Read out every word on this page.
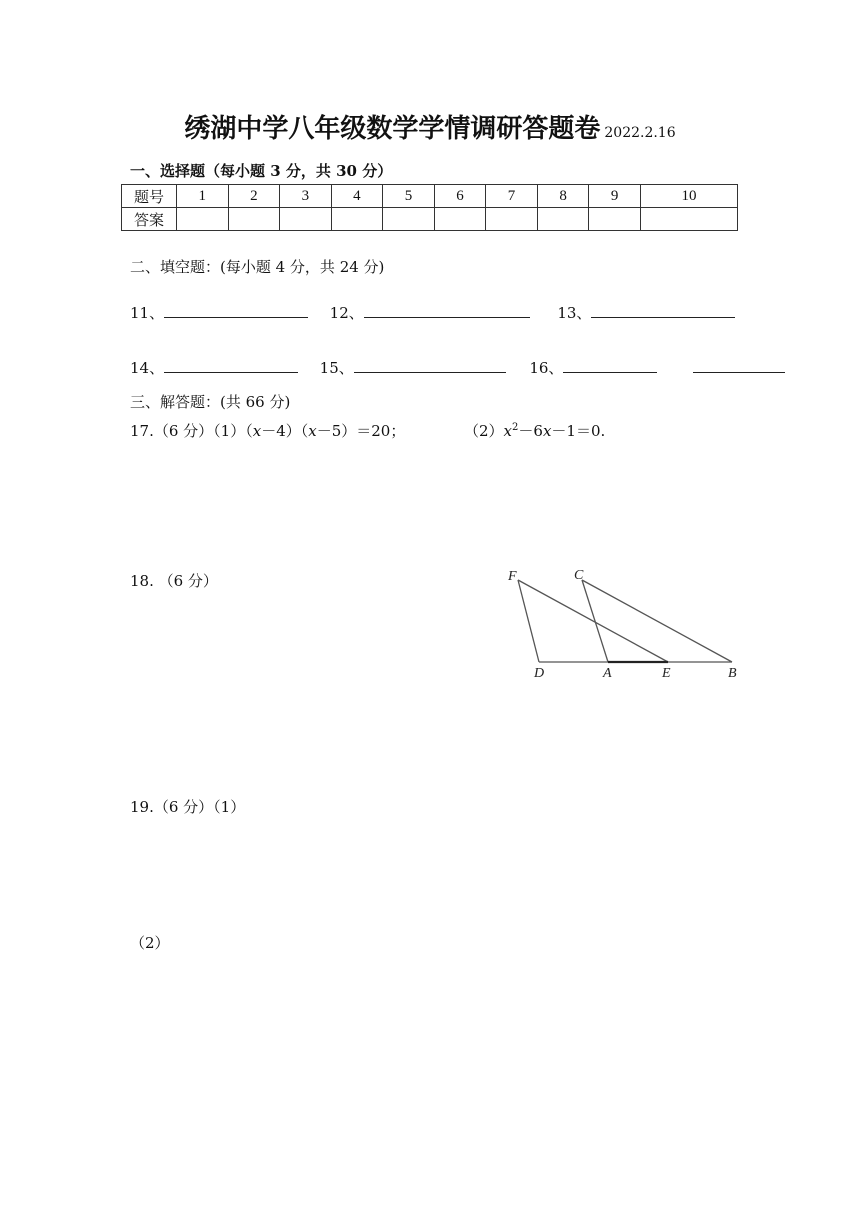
绣湖中学八年级数学学情调研答题卷 2022.2.16
一、选择题（每小题 3 分，共 30 分）
题号	1	2	3	4	5	6	7	8	9	10
答案										
二、填空题：(每小题 4 分，共 24 分)
11、	12、	13、
14、	15、	16、
三、解答题：(共 66 分)
17.（6 分）（1）（x－4）（x－5）＝20；	$(2)x^2-6x-1=0$.
18. （6 分）	F	C
D	A	E	B
19.（6 分）（1）
（2）
